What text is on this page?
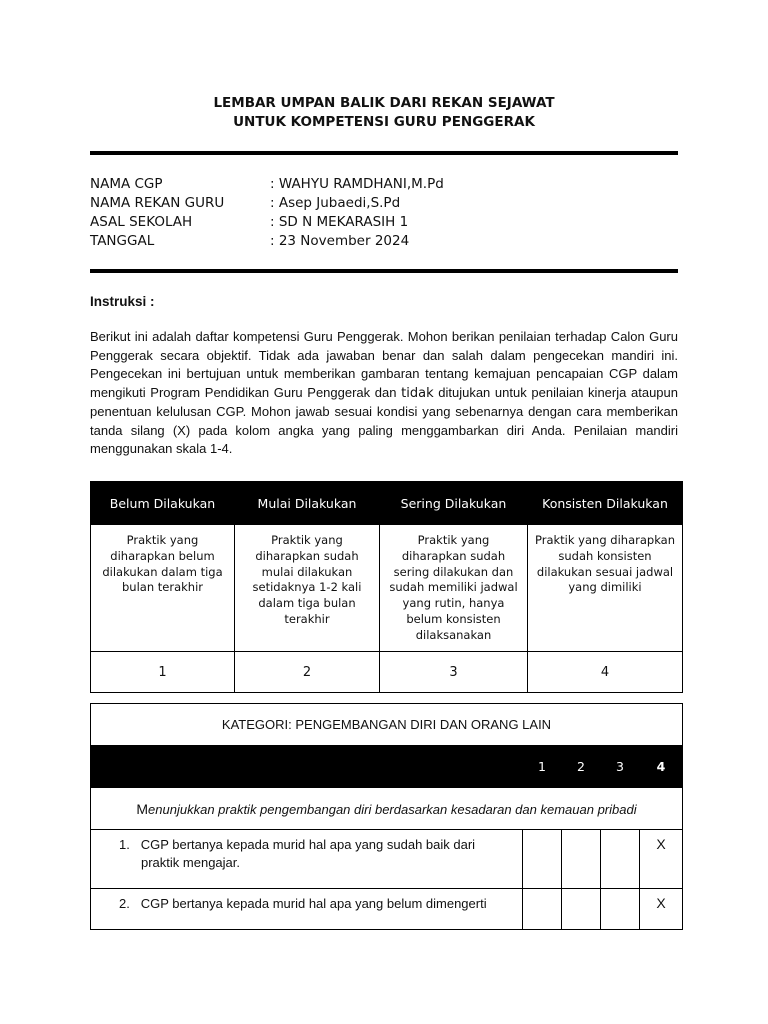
LEMBAR UMPAN BALIK DARI REKAN SEJAWAT
UNTUK KOMPETENSI GURU PENGGERAK
NAMA CGP	: WAHYU RAMDHANI,M.Pd
NAMA REKAN GURU	: Asep Jubaedi,S.Pd
ASAL SEKOLAH	: SD N MEKARASIH 1
TANGGAL	: 23 November 2024
Instruksi :
Berikut ini adalah daftar kompetensi Guru Penggerak. Mohon berikan penilaian terhadap Calon Guru Penggerak secara objektif. Tidak ada jawaban benar dan salah dalam pengecekan mandiri ini. Pengecekan ini bertujuan untuk memberikan gambaran tentang kemajuan pencapaian CGP dalam mengikuti Program Pendidikan Guru Penggerak dan tidak ditujukan untuk penilaian kinerja ataupun penentuan kelulusan CGP. Mohon jawab sesuai kondisi yang sebenarnya dengan cara memberikan tanda silang (X) pada kolom angka yang paling menggambarkan diri Anda. Penilaian mandiri menggunakan skala 1-4.
Belum Dilakukan	Mulai Dilakukan	Sering Dilakukan	Konsisten Dilakukan
Praktik yang diharapkan belum dilakukan dalam tiga bulan terakhir	Praktik yang diharapkan sudah mulai dilakukan setidaknya 1-2 kali dalam tiga bulan terakhir	Praktik yang diharapkan sudah sering dilakukan dan sudah memiliki jadwal yang rutin, hanya belum konsisten dilaksanakan	Praktik yang diharapkan sudah konsisten dilakukan sesuai jadwal yang dimiliki
1	2	3	4
KATEGORI: PENGEMBANGAN DIRI DAN ORANG LAIN				
	1	2	3	4
Menunjukkan praktik pengembangan diri berdasarkan kesadaran dan kemauan pribadi				
1. CGP bertanya kepada murid hal apa yang sudah baik dari praktik mengajar.				X
2. CGP bertanya kepada murid hal apa yang belum dimengerti				X
